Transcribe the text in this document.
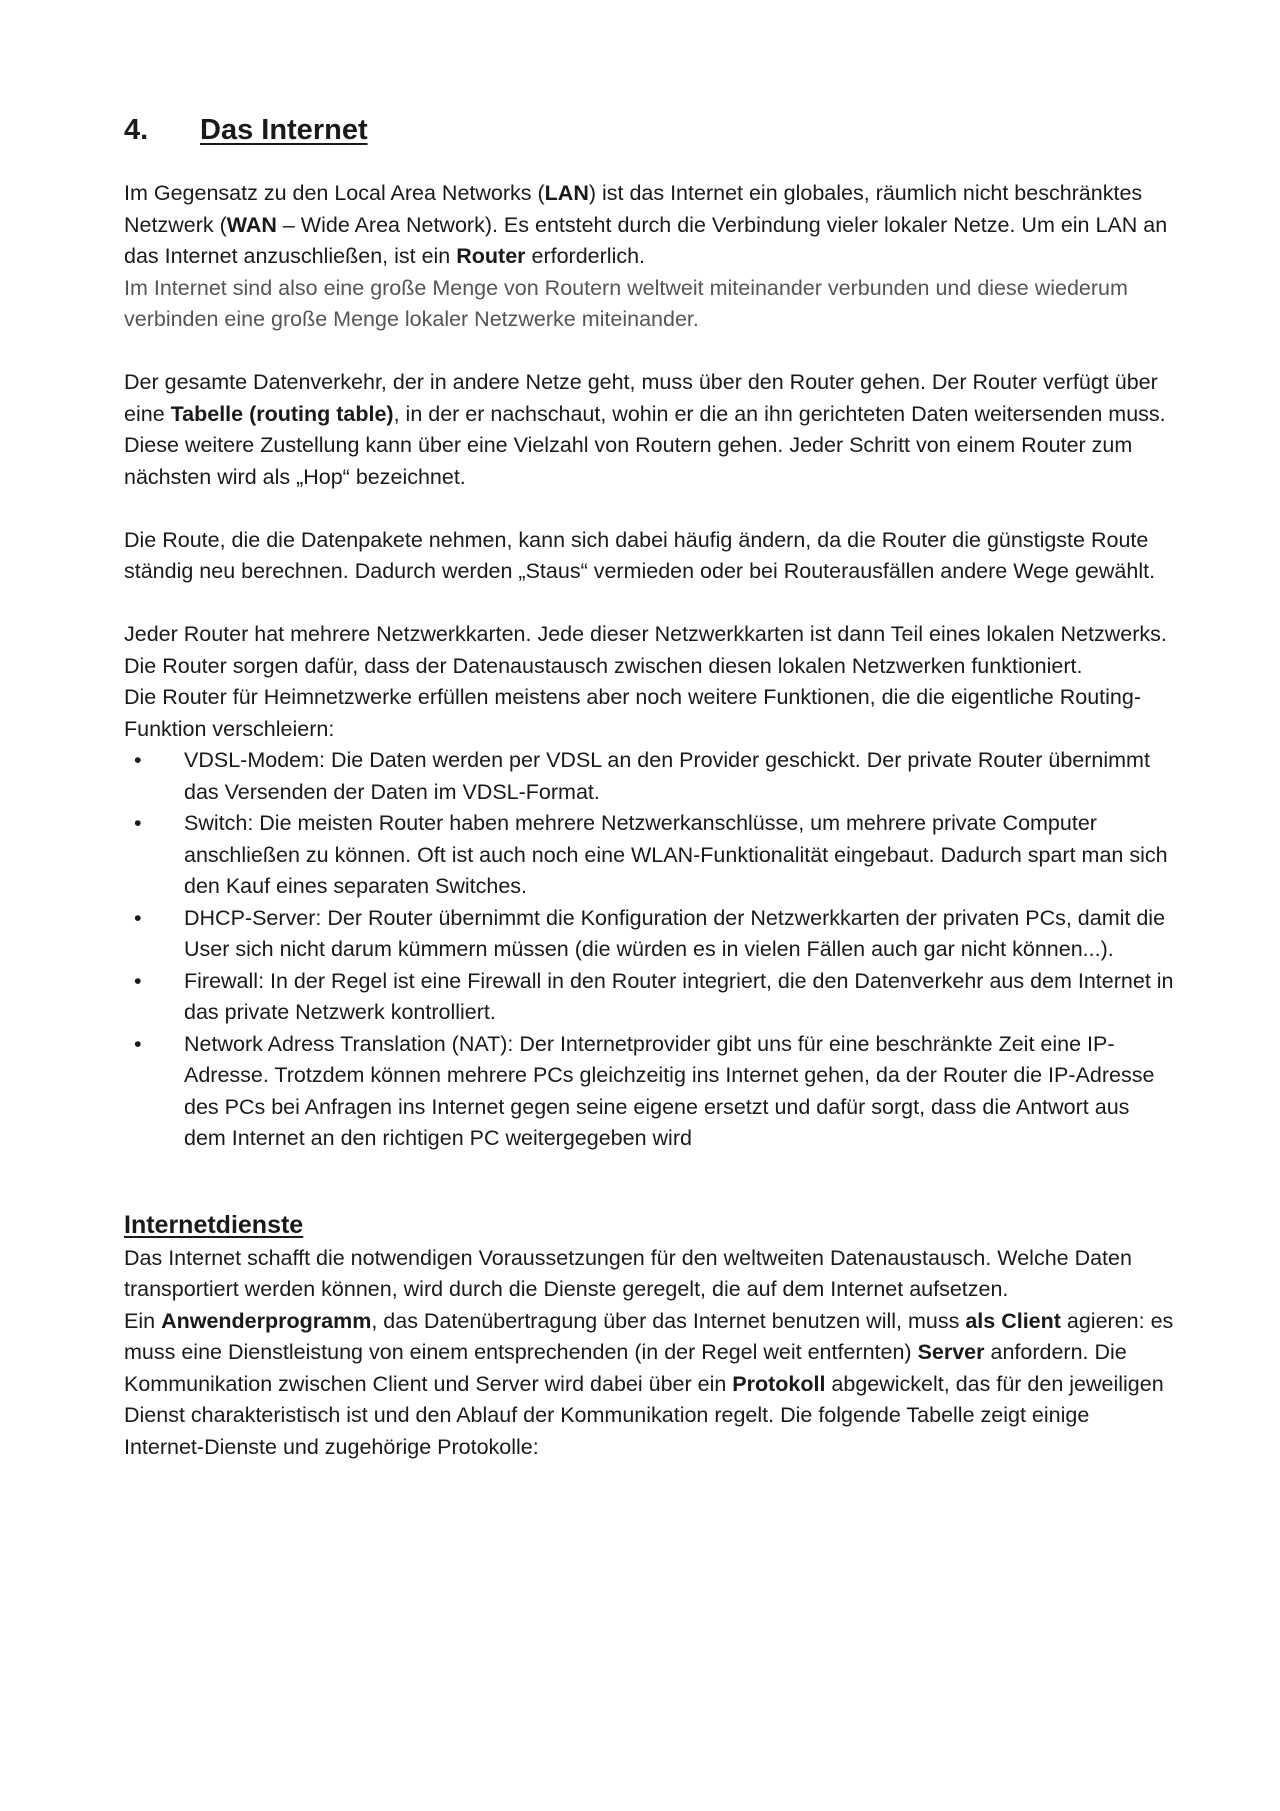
4. Das Internet

Im Gegensatz zu den Local Area Networks (LAN) ist das Internet ein globales, räumlich nicht beschränktes Netzwerk (WAN – Wide Area Network). Es entsteht durch die Verbindung vieler lokaler Netze. Um ein LAN an das Internet anzuschließen, ist ein Router erforderlich.

Im Internet sind also eine große Menge von Routern weltweit miteinander verbunden und diese wiederum verbinden eine große Menge lokaler Netzwerke miteinander.

Der gesamte Datenverkehr, der in andere Netze geht, muss über den Router gehen. Der Router verfügt über eine Tabelle (routing table), in der er nachschaut, wohin er die an ihn gerichteten Daten weitersenden muss. Diese weitere Zustellung kann über eine Vielzahl von Routern gehen. Jeder Schritt von einem Router zum nächsten wird als „Hop“ bezeichnet.

Die Route, die die Datenpakete nehmen, kann sich dabei häufig ändern, da die Router die günstigste Route ständig neu berechnen. Dadurch werden „Staus“ vermieden oder bei Routerausfällen andere Wege gewählt.

Jeder Router hat mehrere Netzwerkkarten. Jede dieser Netzwerkkarten ist dann Teil eines lokalen Netzwerks. Die Router sorgen dafür, dass der Datenaustausch zwischen diesen lokalen Netzwerken funktioniert.

Die Router für Heimnetzwerke erfüllen meistens aber noch weitere Funktionen, die die eigentliche Routing-Funktion verschleiern:

• VDSL-Modem: Die Daten werden per VDSL an den Provider geschickt. Der private Router übernimmt das Versenden der Daten im VDSL-Format.
• Switch: Die meisten Router haben mehrere Netzwerkanschlüsse, um mehrere private Computer anschließen zu können. Oft ist auch noch eine WLAN-Funktionalität eingebaut. Dadurch spart man sich den Kauf eines separaten Switches.
• DHCP-Server: Der Router übernimmt die Konfiguration der Netzwerkkarten der privaten PCs, damit die User sich nicht darum kümmern müssen (die würden es in vielen Fällen auch gar nicht können...).
• Firewall: In der Regel ist eine Firewall in den Router integriert, die den Datenverkehr aus dem Internet in das private Netzwerk kontrolliert.
• Network Adress Translation (NAT): Der Internetprovider gibt uns für eine beschränkte Zeit eine IP-Adresse. Trotzdem können mehrere PCs gleichzeitig ins Internet gehen, da der Router die IP-Adresse des PCs bei Anfragen ins Internet gegen seine eigene ersetzt und dafür sorgt, dass die Antwort aus dem Internet an den richtigen PC weitergegeben wird
Internetdienste

Das Internet schafft die notwendigen Voraussetzungen für den weltweiten Datenaustausch. Welche Daten transportiert werden können, wird durch die Dienste geregelt, die auf dem Internet aufsetzen.

Ein Anwenderprogramm, das Datenübertragung über das Internet benutzen will, muss als Client agieren: es muss eine Dienstleistung von einem entsprechenden (in der Regel weit entfernten) Server anfordern. Die Kommunikation zwischen Client und Server wird dabei über ein Protokoll abgewickelt, das für den jeweiligen Dienst charakteristisch ist und den Ablauf der Kommunikation regelt. Die folgende Tabelle zeigt einige Internet-Dienste und zugehörige Protokolle:
